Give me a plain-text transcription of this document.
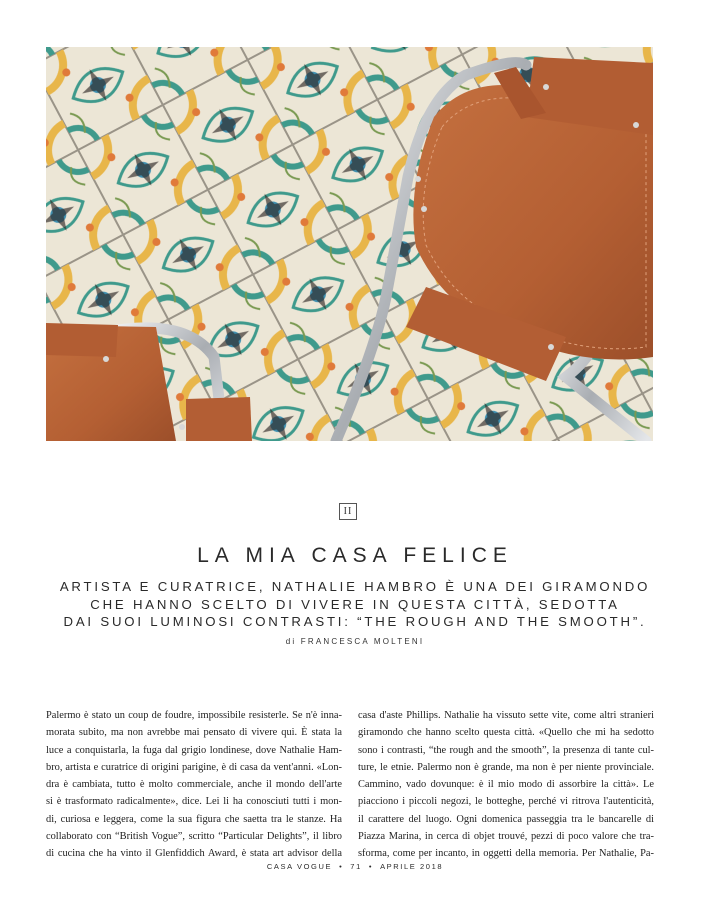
II
LA MIA CASA FELICE
ARTISTA E CURATRICE, NATHALIE HAMBRO È UNA DEI GIRAMONDO
CHE HANNO SCELTO DI VIVERE IN QUESTA CITTÀ, SEDOTTA
DAI SUOI LUMINOSI CONTRASTI: “THE ROUGH AND THE SMOOTH”.
di FRANCESCA MOLTENI
Palermo è stato un coup de foudre, impossibile resisterle. Se n'è inna-
morata subito, ma non avrebbe mai pensato di vivere qui. È stata la
luce a conquistarla, la fuga dal grigio londinese, dove Nathalie Ham-
bro, artista e curatrice di origini parigine, è di casa da vent'anni. «Lon-
dra è cambiata, tutto è molto commerciale, anche il mondo dell'arte
si è trasformato radicalmente», dice. Lei li ha conosciuti tutti i mon-
di, curiosa e leggera, come la sua figura che saetta tra le stanze. Ha
collaborato con “British Vogue”, scritto “Particular Delights”, il libro
di cucina che ha vinto il Glenfiddich Award, è stata art advisor della
casa d'aste Phillips. Nathalie ha vissuto sette vite, come altri stranieri
giramondo che hanno scelto questa città. «Quello che mi ha sedotto
sono i contrasti, “the rough and the smooth”, la presenza di tante cul-
ture, le etnie. Palermo non è grande, ma non è per niente provinciale.
Cammino, vado dovunque: è il mio modo di assorbire la città». Le
piacciono i piccoli negozi, le botteghe, perché vi ritrova l'autenticità,
il carattere del luogo. Ogni domenica passeggia tra le bancarelle di
Piazza Marina, in cerca di objet trouvé, pezzi di poco valore che tra-
sforma, come per incanto, in oggetti della memoria. Per Nathalie, Pa-
CASA VOGUE • 71 • APRILE 2018
